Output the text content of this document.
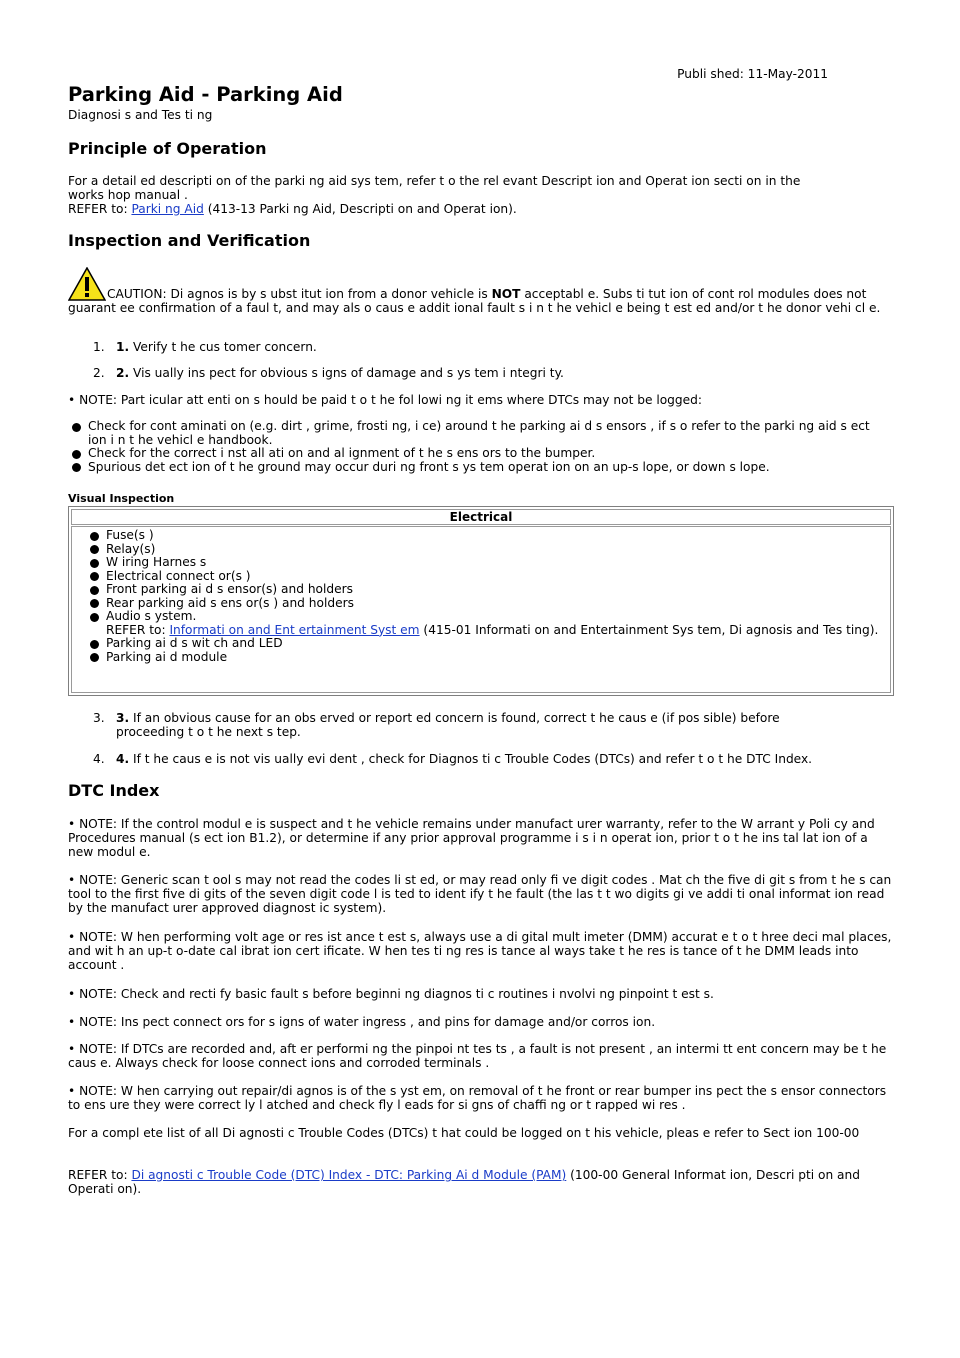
Publi shed: 11-May-2011
Parking Aid - Parking Aid
Diagnosi s and Tes ti ng
Principle of Operation

For a detail ed descripti on of the parki ng aid sys tem, refer t o the rel evant Descript ion and Operat ion secti on in the works hop manual .

REFER to: Parki ng Aid (413-13 Parki ng Aid, Descripti on and Operat ion).

Inspection and Verification

CAUTION: Di agnos is by s ubst itut ion from a donor vehicle is NOT acceptabl e. Subs ti tut ion of cont rol modules does not guarant ee confirmation of a faul t, and may als o caus e addit ional fault s i n t he vehicl e being t est ed and/or t he donor vehi cl e.

1. 1. Verify t he cus tomer concern.
2. 2. Vis ually ins pect for obvious s igns of damage and s ys tem i ntegri ty.

• NOTE: Part icular att enti on s hould be paid t o t he fol lowi ng it ems where DTCs may not be logged:

Check for cont aminati on (e.g. dirt , grime, frosti ng, i ce) around t he parking ai d s ensors , if s o refer to the parki ng aid s ect ion i n t he vehicl e handbook.
Check for the correct i nst all ati on and al ignment of t he s ens ors to the bumper.
Spurious det ect ion of t he ground may occur duri ng front s ys tem operat ion on an up-s lope, or down s lope.
Visual Inspection
Electrical
Fuse(s )
Relay(s)
W iring Harnes s
Electrical connect or(s )
Front parking ai d s ensor(s) and holders
Rear parking aid s ens or(s ) and holders
Audio s ystem.
REFER to: Informati on and Ent ertainment Syst em (415-01 Informati on and Entertainment Sys tem, Di agnosis and Tes ting).
Parking ai d s wit ch and LED
Parking ai d module
3. 3. If an obvious cause for an obs erved or report ed concern is found, correct t he caus e (if pos sible) before proceeding t o t he next s tep.
4. 4. If t he caus e is not vis ually evi dent , check for Diagnos ti c Trouble Codes (DTCs) and refer t o t he DTC Index.
DTC Index

• NOTE: If the control modul e is suspect and t he vehicle remains under manufact urer warranty, refer to the W arrant y Poli cy and Procedures manual (s ect ion B1.2), or determine if any prior approval programme i s i n operat ion, prior t o t he ins tal lat ion of a new modul e.

• NOTE: Generic scan t ool s may not read the codes li st ed, or may read only fi ve digit codes . Mat ch the five di git s from t he s can tool to the first five di gits of the seven digit code l is ted to ident ify t he fault (the las t t wo digits gi ve addi ti onal informat ion read by the manufact urer approved diagnost ic system).

• NOTE: W hen performing volt age or res ist ance t est s, always use a di gital mult imeter (DMM) accurat e t o t hree deci mal places, and wit h an up-t o-date cal ibrat ion cert ificate. W hen tes ti ng res is tance al ways take t he res is tance of t he DMM leads into account .

• NOTE: Check and recti fy basic fault s before beginni ng diagnos ti c routines i nvolvi ng pinpoint t est s.

• NOTE: Ins pect connect ors for s igns of water ingress , and pins for damage and/or corros ion.

• NOTE: If DTCs are recorded and, aft er performi ng the pinpoi nt tes ts , a fault is not present , an intermi tt ent concern may be t he caus e. Always check for loose connect ions and corroded terminals .

• NOTE: W hen carrying out repair/di agnos is of the s yst em, on removal of t he front or rear bumper ins pect the s ensor connectors to ens ure they were correct ly l atched and check fly l eads for si gns of chaffi ng or t rapped wi res .

For a compl ete list of all Di agnosti c Trouble Codes (DTCs) t hat could be logged on t his vehicle, pleas e refer to Sect ion 100-00

REFER to: Di agnosti c Trouble Code (DTC) Index - DTC: Parking Ai d Module (PAM) (100-00 General Informat ion, Descri pti on and Operati on).
